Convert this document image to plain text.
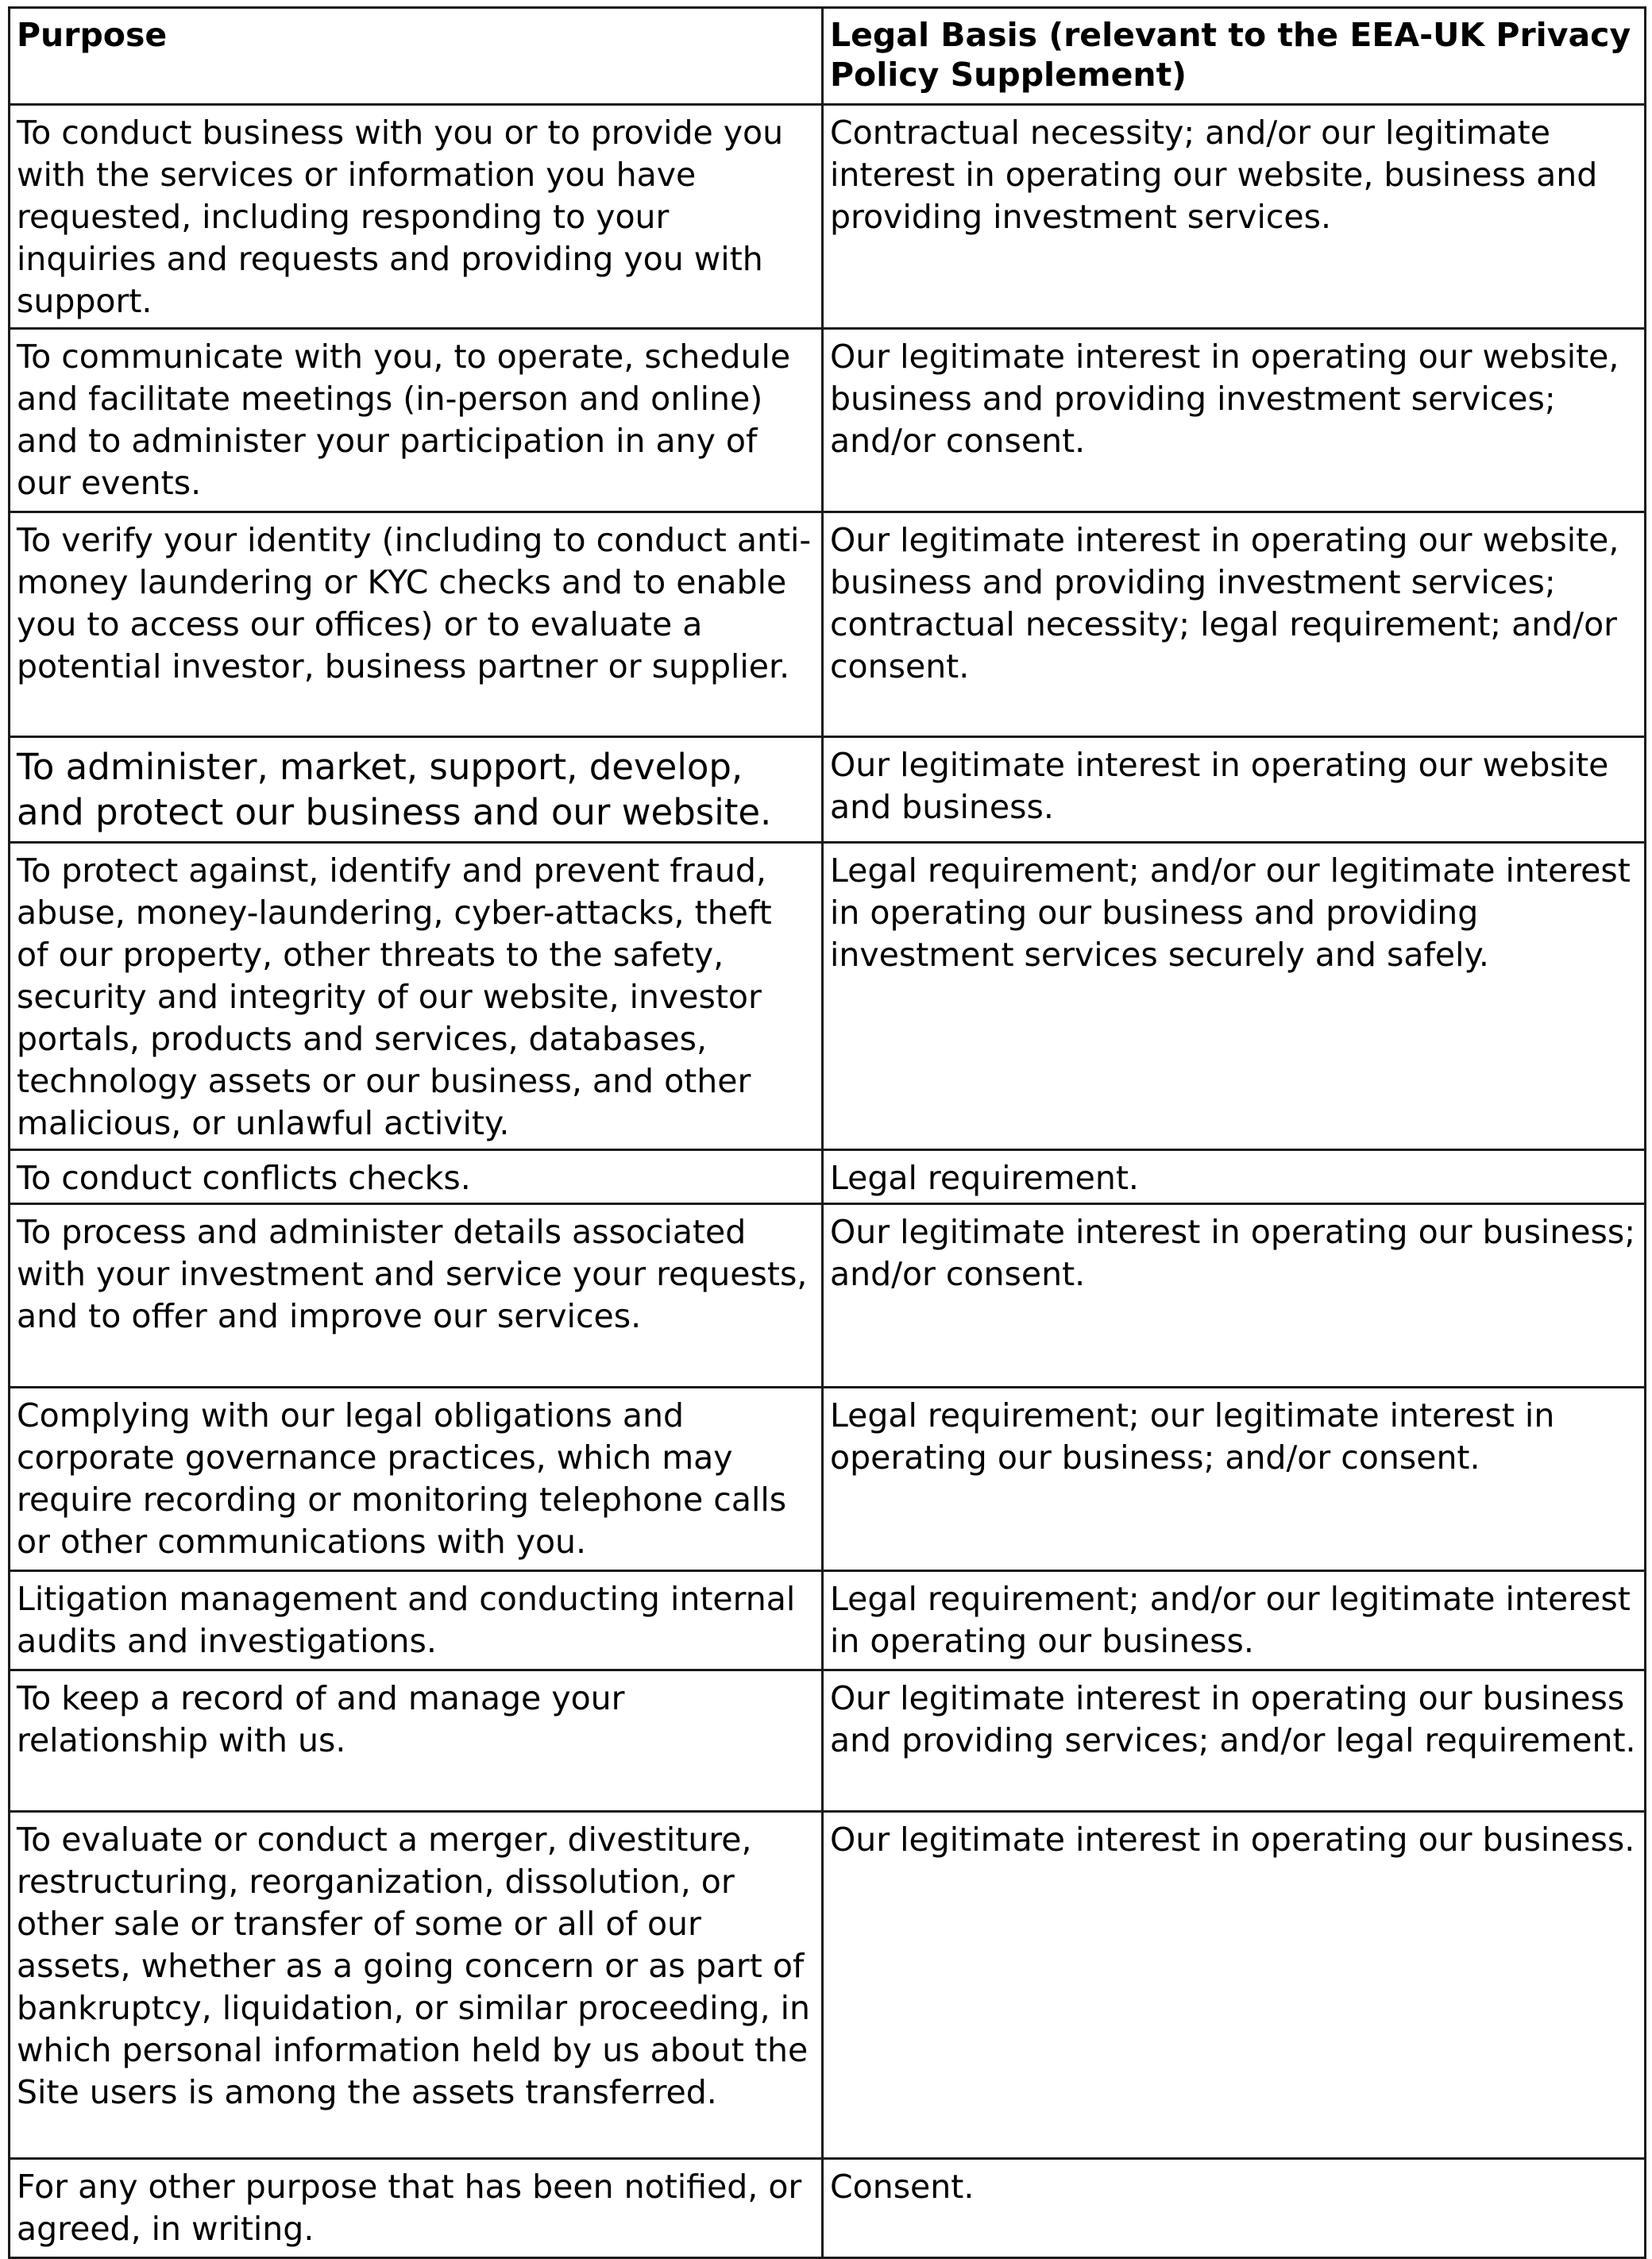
Purpose	Legal Basis (relevant to the EEA-UK Privacy Policy Supplement)
To conduct business with you or to provide you with the services or information you have requested, including responding to your inquiries and requests and providing you with support.	Contractual necessity; and/or our legitimate interest in operating our website, business and providing investment services.
To communicate with you, to operate, schedule and facilitate meetings (in-person and online) and to administer your participation in any of our events.	Our legitimate interest in operating our website, business and providing investment services; and/or consent.
To verify your identity (including to conduct anti-money laundering or KYC checks and to enable you to access our offices) or to evaluate a potential investor, business partner or supplier.	Our legitimate interest in operating our website, business and providing investment services; contractual necessity; legal requirement; and/or consent.
To administer, market, support, develop, and protect our business and our website.	Our legitimate interest in operating our website and business.
To protect against, identify and prevent fraud, abuse, money-laundering, cyber-attacks, theft of our property, other threats to the safety, security and integrity of our website, investor portals, products and services, databases, technology assets or our business, and other malicious, or unlawful activity.	Legal requirement; and/or our legitimate interest in operating our business and providing investment services securely and safely.
To conduct conflicts checks.	Legal requirement.
To process and administer details associated with your investment and service your requests, and to offer and improve our services.	Our legitimate interest in operating our business; and/or consent.
Complying with our legal obligations and corporate governance practices, which may require recording or monitoring telephone calls or other communications with you.	Legal requirement; our legitimate interest in operating our business; and/or consent.
Litigation management and conducting internal audits and investigations.	Legal requirement; and/or our legitimate interest in operating our business.
To keep a record of and manage your relationship with us.	Our legitimate interest in operating our business and providing services; and/or legal requirement.
To evaluate or conduct a merger, divestiture, restructuring, reorganization, dissolution, or other sale or transfer of some or all of our assets, whether as a going concern or as part of bankruptcy, liquidation, or similar proceeding, in which personal information held by us about the Site users is among the assets transferred.	Our legitimate interest in operating our business.
For any other purpose that has been notified, or agreed, in writing.	Consent.
